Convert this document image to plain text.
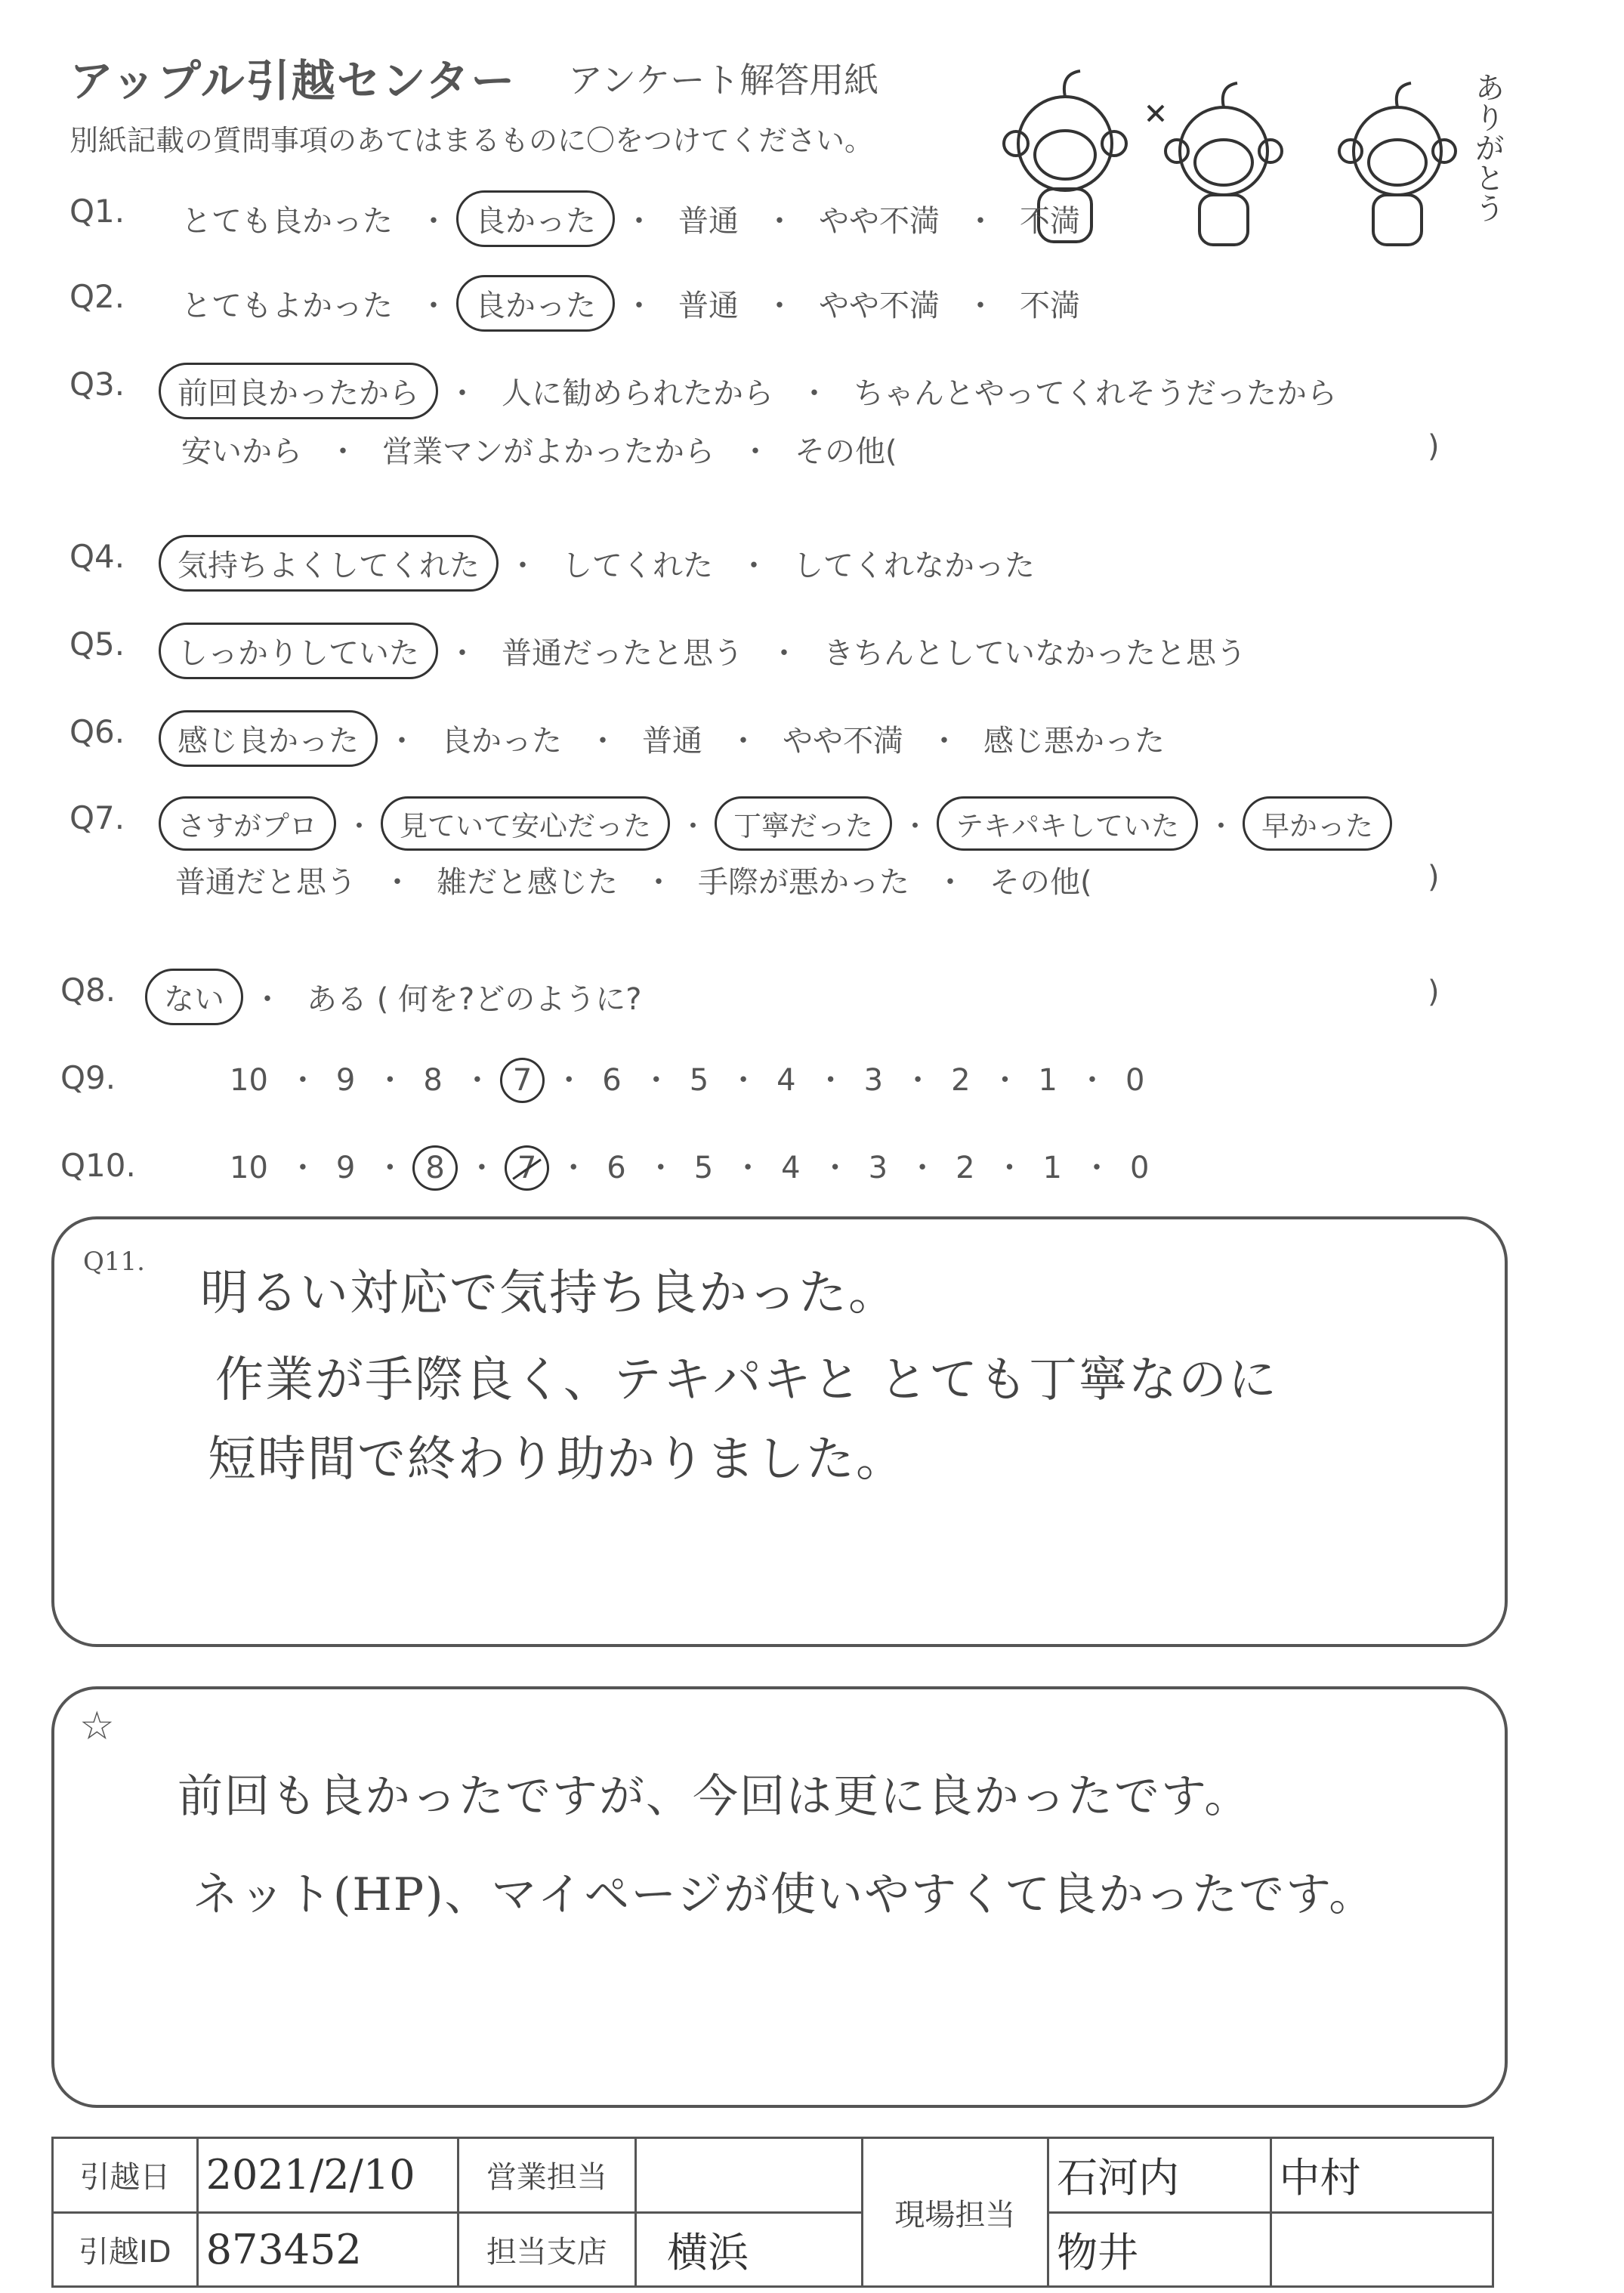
アップル引越センター アンケート解答用紙
別紙記載の質問事項のあてはまるものに〇をつけてください。	ありがとう
Q1.	とても良かった ・ 良かった ・ 普通 ・ やや不満 ・ 不満
Q2.	とてもよかった ・ 良かった ・ 普通 ・ やや不満 ・ 不満
Q3.	前回良かったから ・ 人に勧められたから ・ ちゃんとやってくれそうだったから
安いから ・ 営業マンがよかったから ・ その他(	)
Q4.	気持ちよくしてくれた ・ してくれた ・ してくれなかった
Q5.	しっかりしていた ・ 普通だったと思う ・ きちんとしていなかったと思う
Q6.	感じ良かった ・ 良かった ・ 普通 ・ やや不満 ・ 感じ悪かった
Q7.	さすがプロ ・ 見ていて安心だった ・ 丁寧だった ・ テキパキしていた ・ 早かった
普通だと思う ・ 雑だと感じた ・ 手際が悪かった ・ その他(	)
Q8.	ない ・ ある ( 何を?どのように?	)
Q9.	10 ・ 9 ・ 8 ・ 7 ・ 6 ・ 5 ・ 4 ・ 3 ・ 2 ・ 1 ・ 0
Q10.	10 ・ 9 ・ 8 ・ 7 ・ 6 ・ 5 ・ 4 ・ 3 ・ 2 ・ 1 ・ 0
Q11.
明るい対応で気持ち良かった。
作業が手際良く、テキパキと とても丁寧なのに
短時間で終わり助かりました。
☆
前回も良かったですが、今回は更に良かったです。
ネット(HP)、マイページが使いやすくて良かったです。
引越日	2021/2/10	営業担当		現場担当	石河内	中村
引越ID	873452	担当支店	横浜		物井	
